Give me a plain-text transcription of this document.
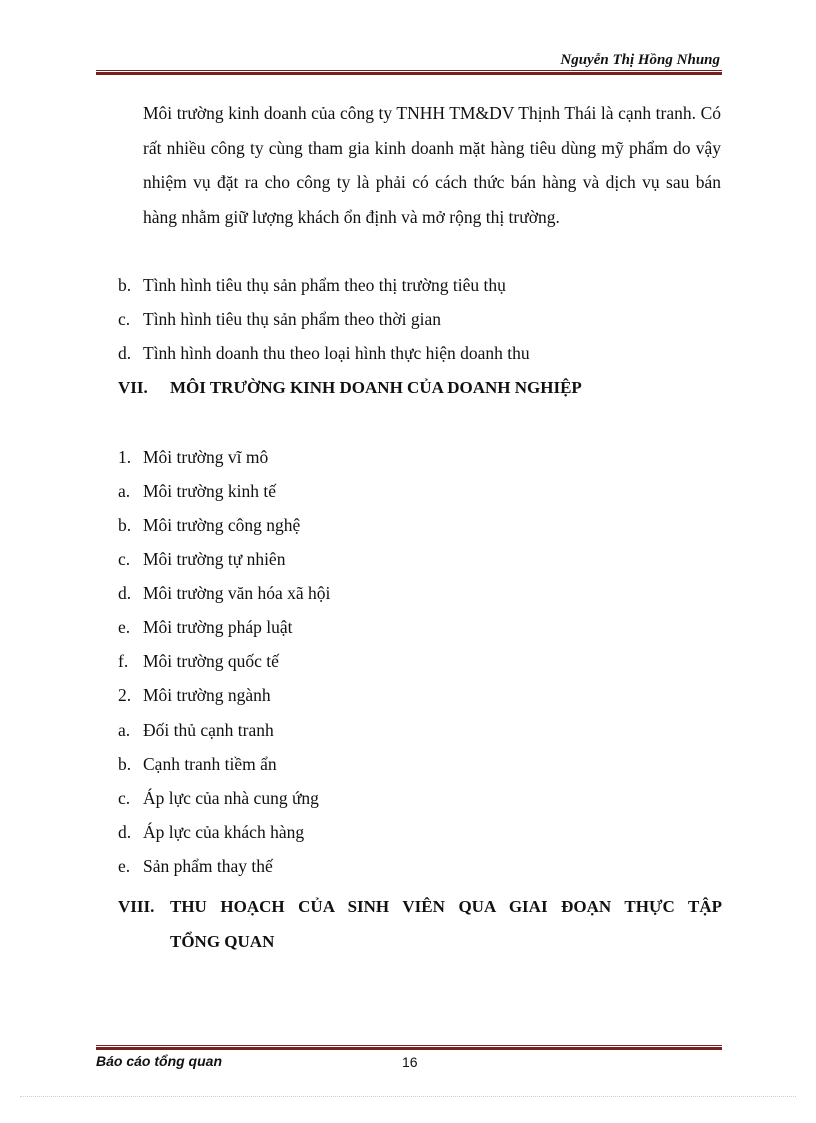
Nguyễn Thị Hồng Nhung
Môi trường kinh doanh của công ty TNHH TM&DV Thịnh Thái là cạnh tranh. Có rất nhiều công ty cùng tham gia kinh doanh mặt hàng tiêu dùng mỹ phẩm do vậy nhiệm vụ đặt ra cho công ty là phải có cách thức bán hàng và dịch vụ sau bán hàng nhằm giữ lượng khách ổn định và mở rộng thị trường.
b. Tình hình tiêu thụ sản phẩm theo thị trường tiêu thụ
c. Tình hình tiêu thụ sản phẩm theo thời gian
d. Tình hình doanh thu theo loại hình thực hiện doanh thu
VII. MÔI TRƯỜNG KINH DOANH CỦA DOANH NGHIỆP
1. Môi trường vĩ mô
a. Môi trường kinh tế
b. Môi trường công nghệ
c. Môi trường tự nhiên
d. Môi trường văn hóa xã hội
e. Môi trường pháp luật
f. Môi trường quốc tế
2. Môi trường ngành
a. Đối thủ cạnh tranh
b. Cạnh tranh tiềm ẩn
c. Áp lực của nhà cung ứng
d. Áp lực của khách hàng
e. Sản phẩm thay thế
VIII. THU HOẠCH CỦA SINH VIÊN QUA GIAI ĐOẠN THỰC TẬP
TỔNG QUAN
Báo cáo tổng quan	16
